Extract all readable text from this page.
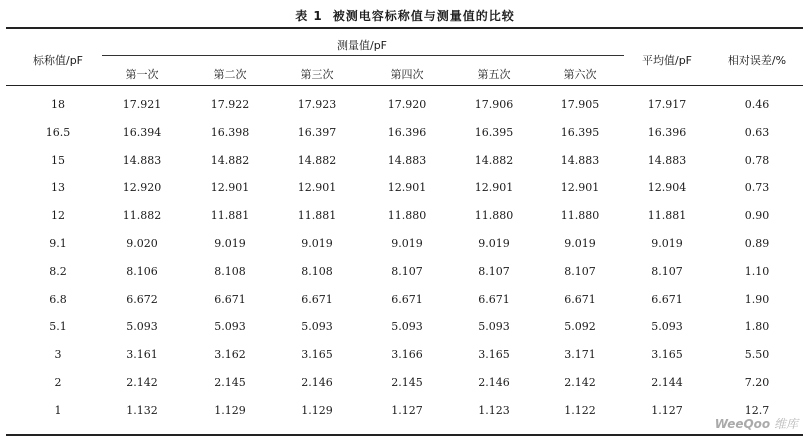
表 1 被测电容标称值与测量值的比较
标称值/pF
测量值/pF
第一次	第二次	第三次	第四次	第五次	第六次
平均值/pF	相对误差/%
18	17.921	17.922	17.923	17.920	17.906	17.905	17.917	0.46
16.5	16.394	16.398	16.397	16.396	16.395	16.395	16.396	0.63
15	14.883	14.882	14.882	14.883	14.882	14.883	14.883	0.78
13	12.920	12.901	12.901	12.901	12.901	12.901	12.904	0.73
12	11.882	11.881	11.881	11.880	11.880	11.880	11.881	0.90
9.1	9.020	9.019	9.019	9.019	9.019	9.019	9.019	0.89
8.2	8.106	8.108	8.108	8.107	8.107	8.107	8.107	1.10
6.8	6.672	6.671	6.671	6.671	6.671	6.671	6.671	1.90
5.1	5.093	5.093	5.093	5.093	5.093	5.092	5.093	1.80
3	3.161	3.162	3.165	3.166	3.165	3.171	3.165	5.50
2	2.142	2.145	2.146	2.145	2.146	2.142	2.144	7.20
1	1.132	1.129	1.129	1.127	1.123	1.122	1.127	12.7
WeeQoo 维库
